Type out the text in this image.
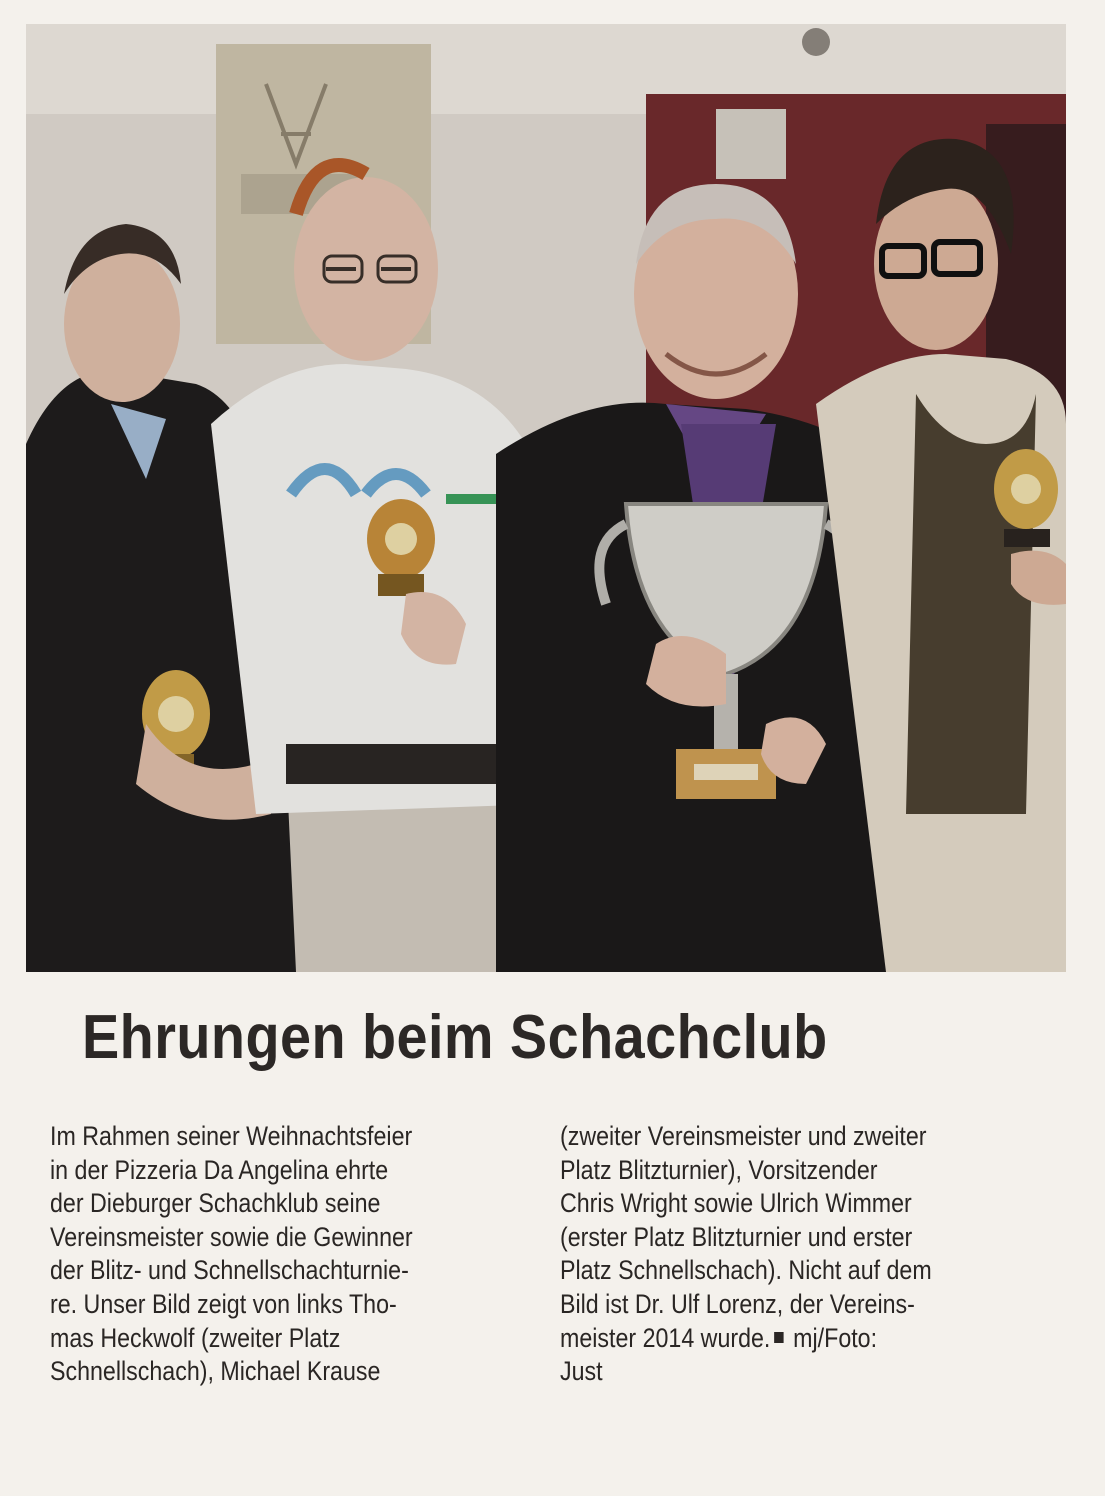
Ehrungen beim Schachclub
Im Rahmen seiner Weihnachtsfeier
in der Pizzeria Da Angelina ehrte
der Dieburger Schachklub seine
Vereinsmeister sowie die Gewinner
der Blitz- und Schnellschachturnie-
re. Unser Bild zeigt von links Tho-
mas Heckwolf (zweiter Platz
Schnellschach), Michael Krause
(zweiter Vereinsmeister und zweiter
Platz Blitzturnier), Vorsitzender
Chris Wright sowie Ulrich Wimmer
(erster Platz Blitzturnier und erster
Platz Schnellschach). Nicht auf dem
Bild ist Dr. Ulf Lorenz, der Vereins-
meister 2014 wurde. mj/Foto:
Just
